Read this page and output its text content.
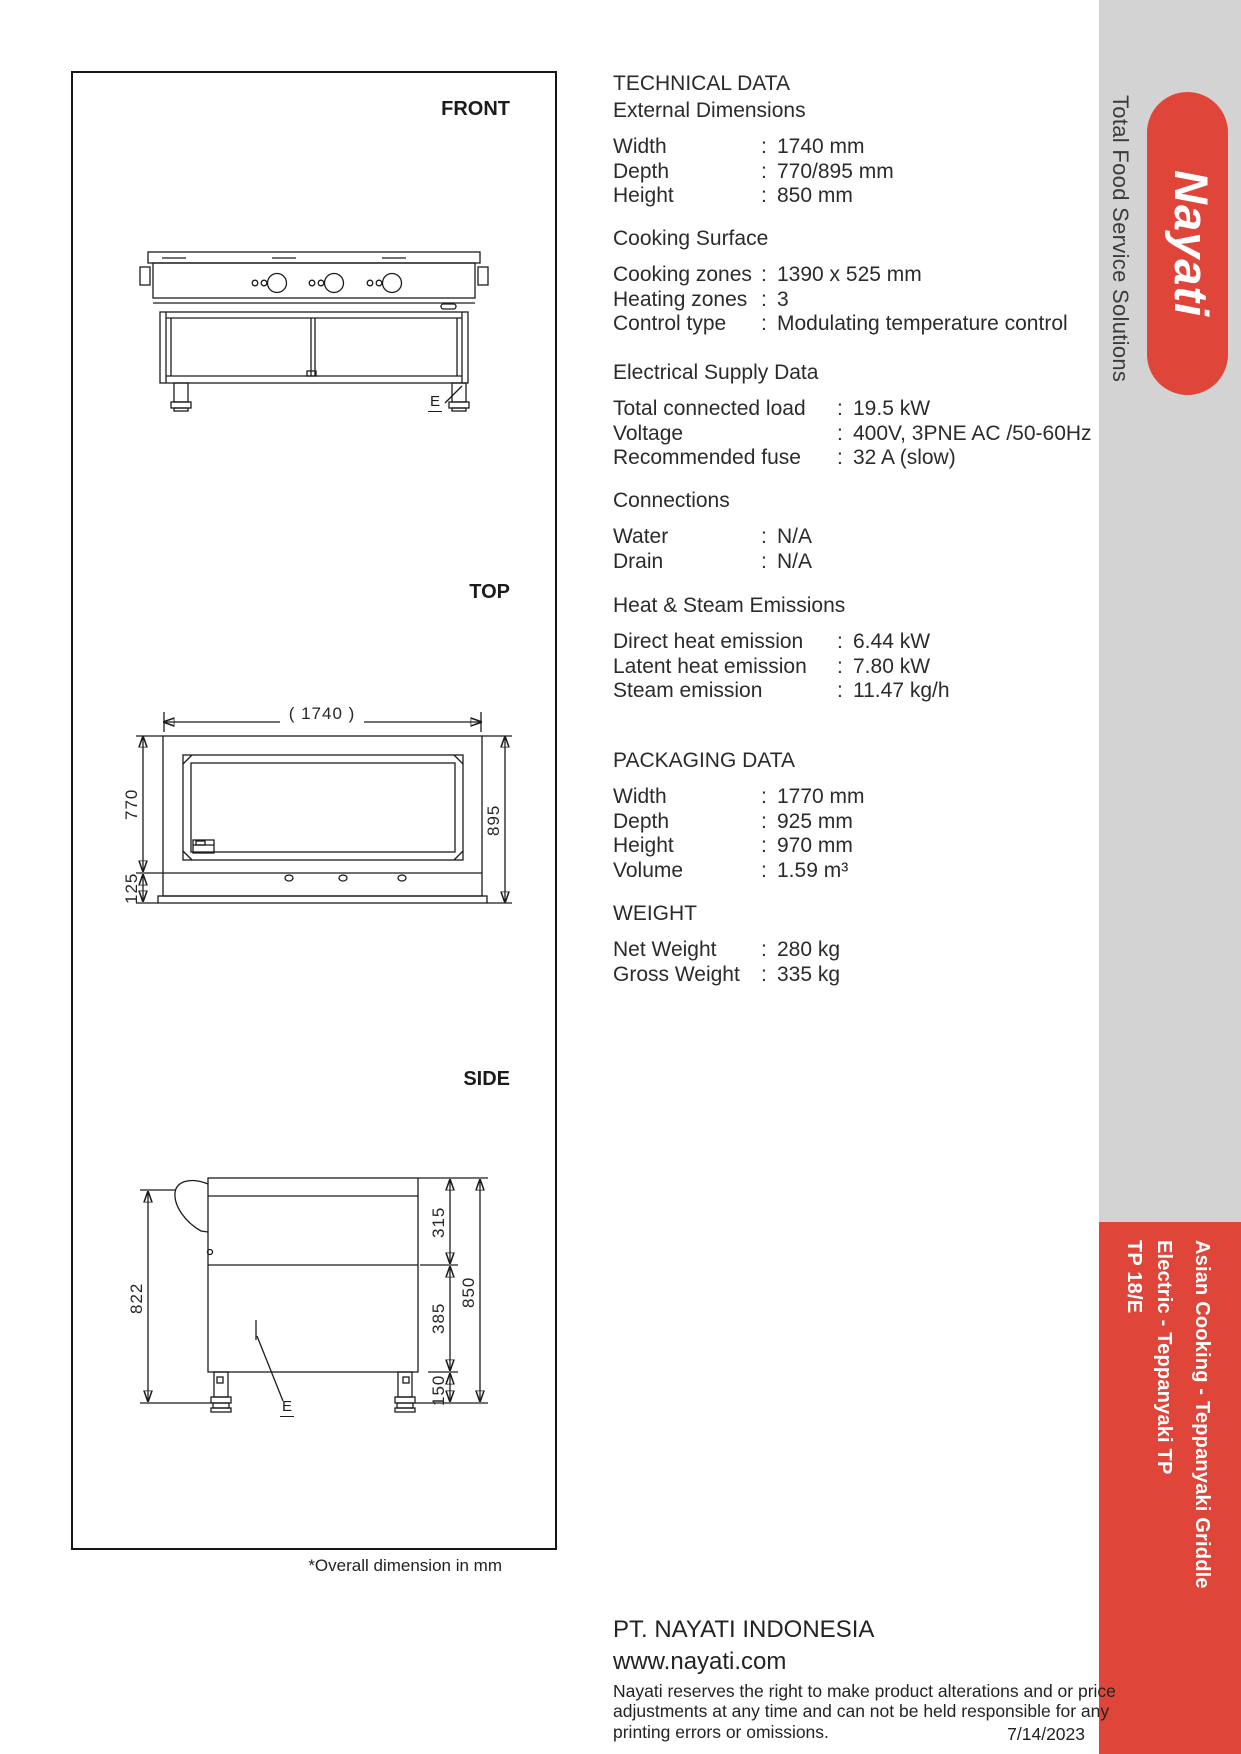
FRONT
TOP
SIDE
( 1740 )
770
895
125
822
315
385
150
850
E
E
*Overall dimension in mm
TECHNICAL DATA
External Dimensions
Width	: 1740 mm
Depth	: 770/895 mm
Height	: 850 mm
Cooking Surface
Cooking zones : 1390 x 525 mm
Heating zones : 3
Control type	: Modulating temperature control
Electrical Supply Data
Total connected load	: 19.5 kW
Voltage	: 400V, 3PNE AC /50-60Hz
Recommended fuse	: 32 A (slow)
Connections
Water	: N/A
Drain	: N/A
Heat & Steam Emissions
Direct heat emission	: 6.44 kW
Latent heat emission	: 7.80 kW
Steam emission	: 11.47 kg/h
PACKAGING DATA
Width	: 1770 mm
Depth	: 925 mm
Height	: 970 mm
Volume	: 1.59 m³
WEIGHT
Net Weight	: 280 kg
Gross Weight	: 335 kg
Total Food Service Solutions Nayati
Asian Cooking - Teppanyaki Griddle
Electric - Teppanyaki TP
TP 18/E
PT. NAYATI INDONESIA
www.nayati.com
Nayati reserves the right to make product alterations and or price
adjustments at any time and can not be held responsible for any
printing errors or omissions.	7/14/2023
